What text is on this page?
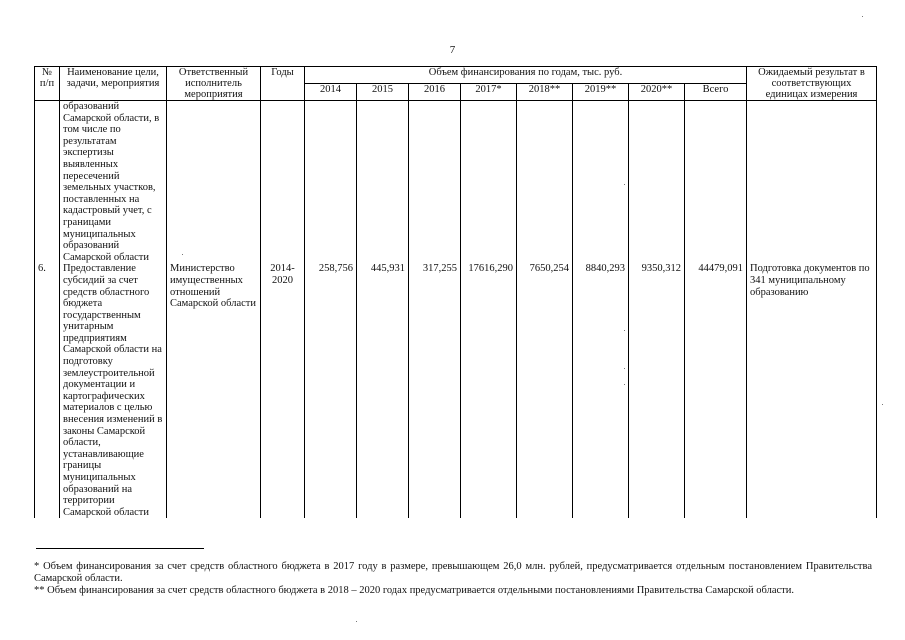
7
№ п/п	Наименование цели, задачи, мероприятия	Ответственный исполнитель мероприятия	Годы	Объем финансирования по годам, тыс. руб.								Ожидаемый результат в соответствующих единицах измерения
				2014	2015	2016	2017*	2018**	2019**	2020**	Всего	
	образований Самарской области, в том числе по результатам экспертизы выявленных пересечений земельных участков, поставленных на кадастровый учет, с границами муниципальных образований Самарской области											
6.	Предоставление субсидий за счет средств областного бюджета государственным унитарным предприятиям Самарской области на подготовку землеустроительной документации и картографических материалов с целью внесения изменений в законы Самарской области, устанавливающие границы муниципальных образований на территории Самарской области	Министерство имущественных отношений Самарской области	2014-2020	258,756	445,931	317,255	17616,290	7650,254	8840,293	9350,312	44479,091	Подготовка документов по 341 муниципальному образованию

* Объем финансирования за счет средств областного бюджета в 2017 году в размере, превышающем 26,0 млн. рублей, предусматривается отдельным постановлением Правительства Самарской области.

** Объем финансирования за счет средств областного бюджета в 2018 – 2020 годах предусматривается отдельными постановлениями Правительства Самарской области.
